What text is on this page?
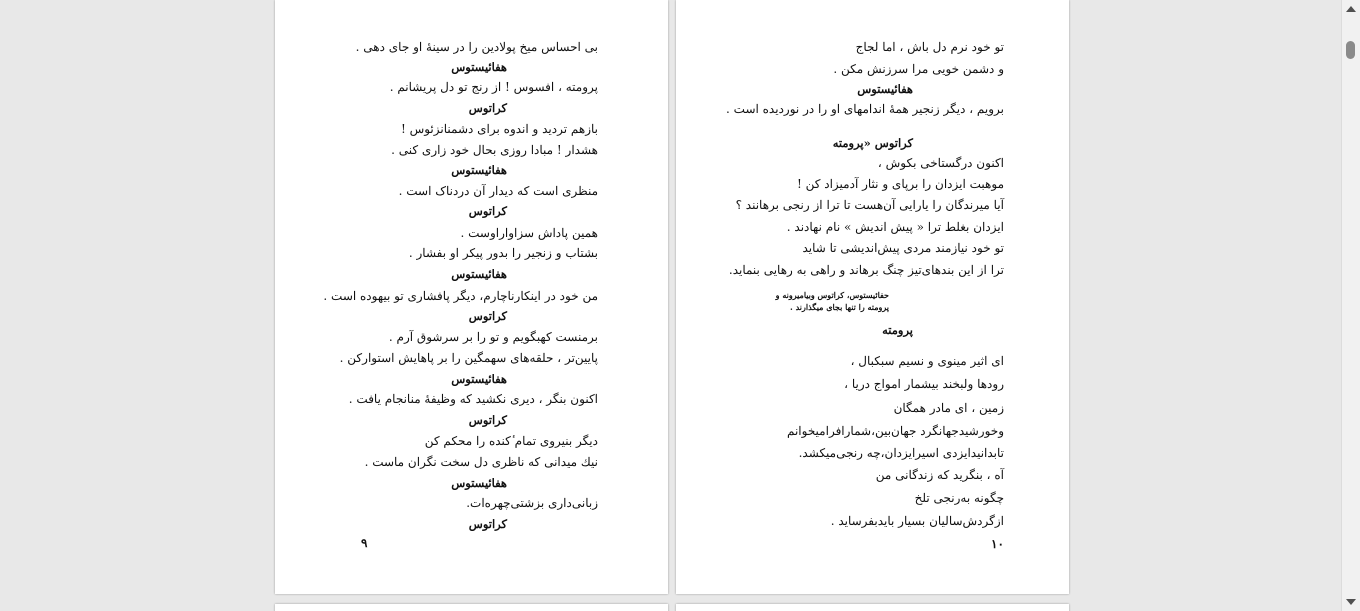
بی احساس میخ پولادین را در سینهٔ او جای دهی .
هفائیستوس
پرومته ، افسوس ! از رنج تو دل پریشانم .
کراتوس
بازهم تردید و اندوه برای دشمنانزئوس !
هشدار ! مبادا روزی بحال خود زاری کنی .
هفائیستوس
منظری است که دیدار آن دردناک است .
کراتوس
همین پاداش سزاواراوست .
بشتاب و زنجیر را بدور پیکر او بفشار .
هفائیستوس
من خود در اینکارناچارم، دیگر پافشاری تو بیهوده است .
کراتوس
برمنست کهبگویم و تو را بر سرشوق آرم .
پایین‌تر ، حلقه‌های سهمگین را بر پاهایش استوارکن .
هفائیستوس
اکنون بنگر ، دیری نکشید که وظیفهٔ منانجام یافت .
کراتوس
دیگر بنیروی تمام ٔکنده را محکم کن
نیك میدانی که ناظری دل سخت نگران ماست .
هفائیستوس
زبانی‌داری بزشتی‌چهره‌ات.
کراتوس
۹
تو خود نرم دل باش ، اما لجاج
و دشمن خویی مرا سرزنش مکن .
هفائیستوس
برویم ، دیگر زنجیر همهٔ اندامهای او را در نوردیده است .
کراتوس «پرومته
اکنون درگستاخی بکوش ،
موهبت ایزدان را برپای و نثار آدمیزاد کن !
آیا میرندگان را یارایی آن‌هست تا ترا از رنجی برهانند ؟
ایزدان بغلط ترا « پیش اندیش » نام نهادند .
تو خود نیازمند مردی پیش‌اندیشی تا شاید
ترا از این بندهای‌تیز چنگ برهاند و راهی به رهایی بنماید.
حفائیستوس، کراتوس وبیامیرونه و
پرومته را تنها بجای میگذارند .
پرومته
ای اثیر مینوی و نسیم سبکبال ،
رودها ولبخند بیشمار امواج دریا ،
زمین ، ای مادر همگان
وخورشیدجهانگرد جهان‌بین،شمارافرامیخوانم
تابدانیدایزدی اسیرایزدان،چه رنجی‌میکشد.
آه ، بنگرید که زندگانی من
چگونه به‌رنجی تلخ
ازگردش‌سالیان بسیار بایدبفرساید .
۱۰
